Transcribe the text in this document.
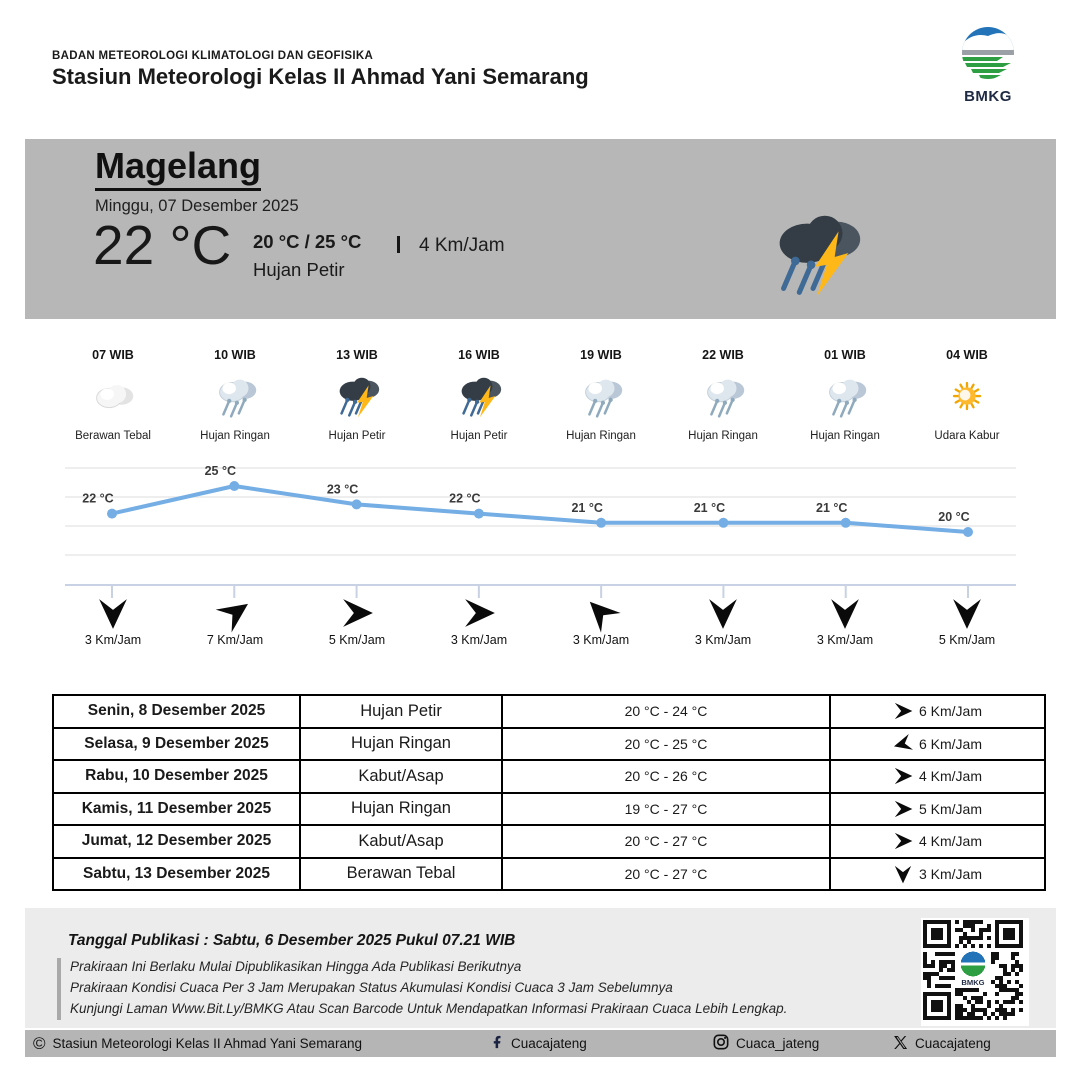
BADAN METEOROLOGI KLIMATOLOGI DAN GEOFISIKA
Stasiun Meteorologi Kelas II Ahmad Yani Semarang
BMKG
Magelang
Minggu, 07 Desember 2025
22 °C 20 °C / 25 °C
Hujan Petir
4 Km/Jam
07 WIB
Berawan Tebal
10 WIB
Hujan Ringan
13 WIB
Hujan Petir
16 WIB
Hujan Petir
19 WIB
Hujan Ringan
22 WIB
Hujan Ringan
01 WIB
Hujan Ringan
04 WIB
Udara Kabur
22 °C
25 °C
23 °C
22 °C
21 °C	21 °C	21 °C
20 °C
3 Km/Jam	7 Km/Jam	5 Km/Jam	3 Km/Jam	3 Km/Jam	3 Km/Jam	3 Km/Jam	5 Km/Jam
Senin, 8 Desember 2025	Hujan Petir	20 °C - 24 °C	6 Km/Jam

Selasa, 9 Desember 2025	Hujan Ringan	20 °C - 25 °C	6 Km/Jam

Rabu, 10 Desember 2025	Kabut/Asap	20 °C - 26 °C	4 Km/Jam

Kamis, 11 Desember 2025	Hujan Ringan	19 °C - 27 °C	5 Km/Jam

Jumat, 12 Desember 2025	Kabut/Asap	20 °C - 27 °C	4 Km/Jam

Sabtu, 13 Desember 2025	Berawan Tebal	20 °C - 27 °C	3 Km/Jam
Tanggal Publikasi : Sabtu, 6 Desember 2025 Pukul 07.21 WIB
Prakiraan Ini Berlaku Mulai Dipublikasikan Hingga Ada Publikasi Berikutnya
Prakiraan Kondisi Cuaca Per 3 Jam Merupakan Status Akumulasi Kondisi Cuaca 3 Jam Sebelumnya
Kunjungi Laman Www.Bit.Ly/BMKG Atau Scan Barcode Untuk Mendapatkan Informasi Prakiraan Cuaca Lebih Lengkap.
BMKG
© Stasiun Meteorologi Kelas II Ahmad Yani Semarang	Cuacajateng	Cuaca_jateng	Cuacajateng
